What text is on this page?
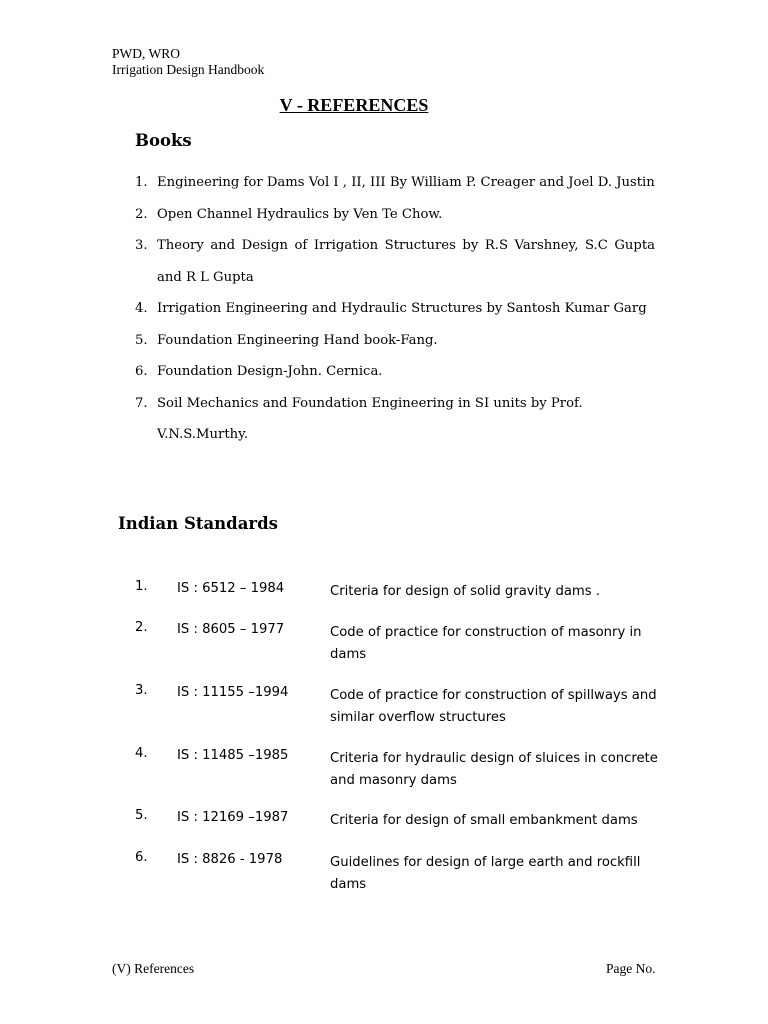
PWD, WRO
Irrigation Design Handbook
V - REFERENCES
Books
1. Engineering for Dams Vol I , II, III By William P. Creager and Joel D. Justin
2. Open Channel Hydraulics by Ven Te Chow.
3. Theory and Design of Irrigation Structures by R.S Varshney, S.C Gupta and R L Gupta
4. Irrigation Engineering and Hydraulic Structures by Santosh Kumar Garg
5. Foundation Engineering Hand book-Fang.
6. Foundation Design-John. Cernica.
7. Soil Mechanics and Foundation Engineering in SI units by Prof. V.N.S.Murthy.
Indian Standards
1. IS : 6512 – 1984	Criteria for design of solid gravity dams .
2. IS : 8605 – 1977	Code of practice for construction of masonry in dams
3. IS : 11155 –1994	Code of practice for construction of spillways and similar overflow structures
4. IS : 11485 –1985	Criteria for hydraulic design of sluices in concrete and masonry dams
5. IS : 12169 –1987	Criteria for design of small embankment dams
6. IS : 8826 - 1978	Guidelines for design of large earth and rockfill dams
(V) References	Page No.
